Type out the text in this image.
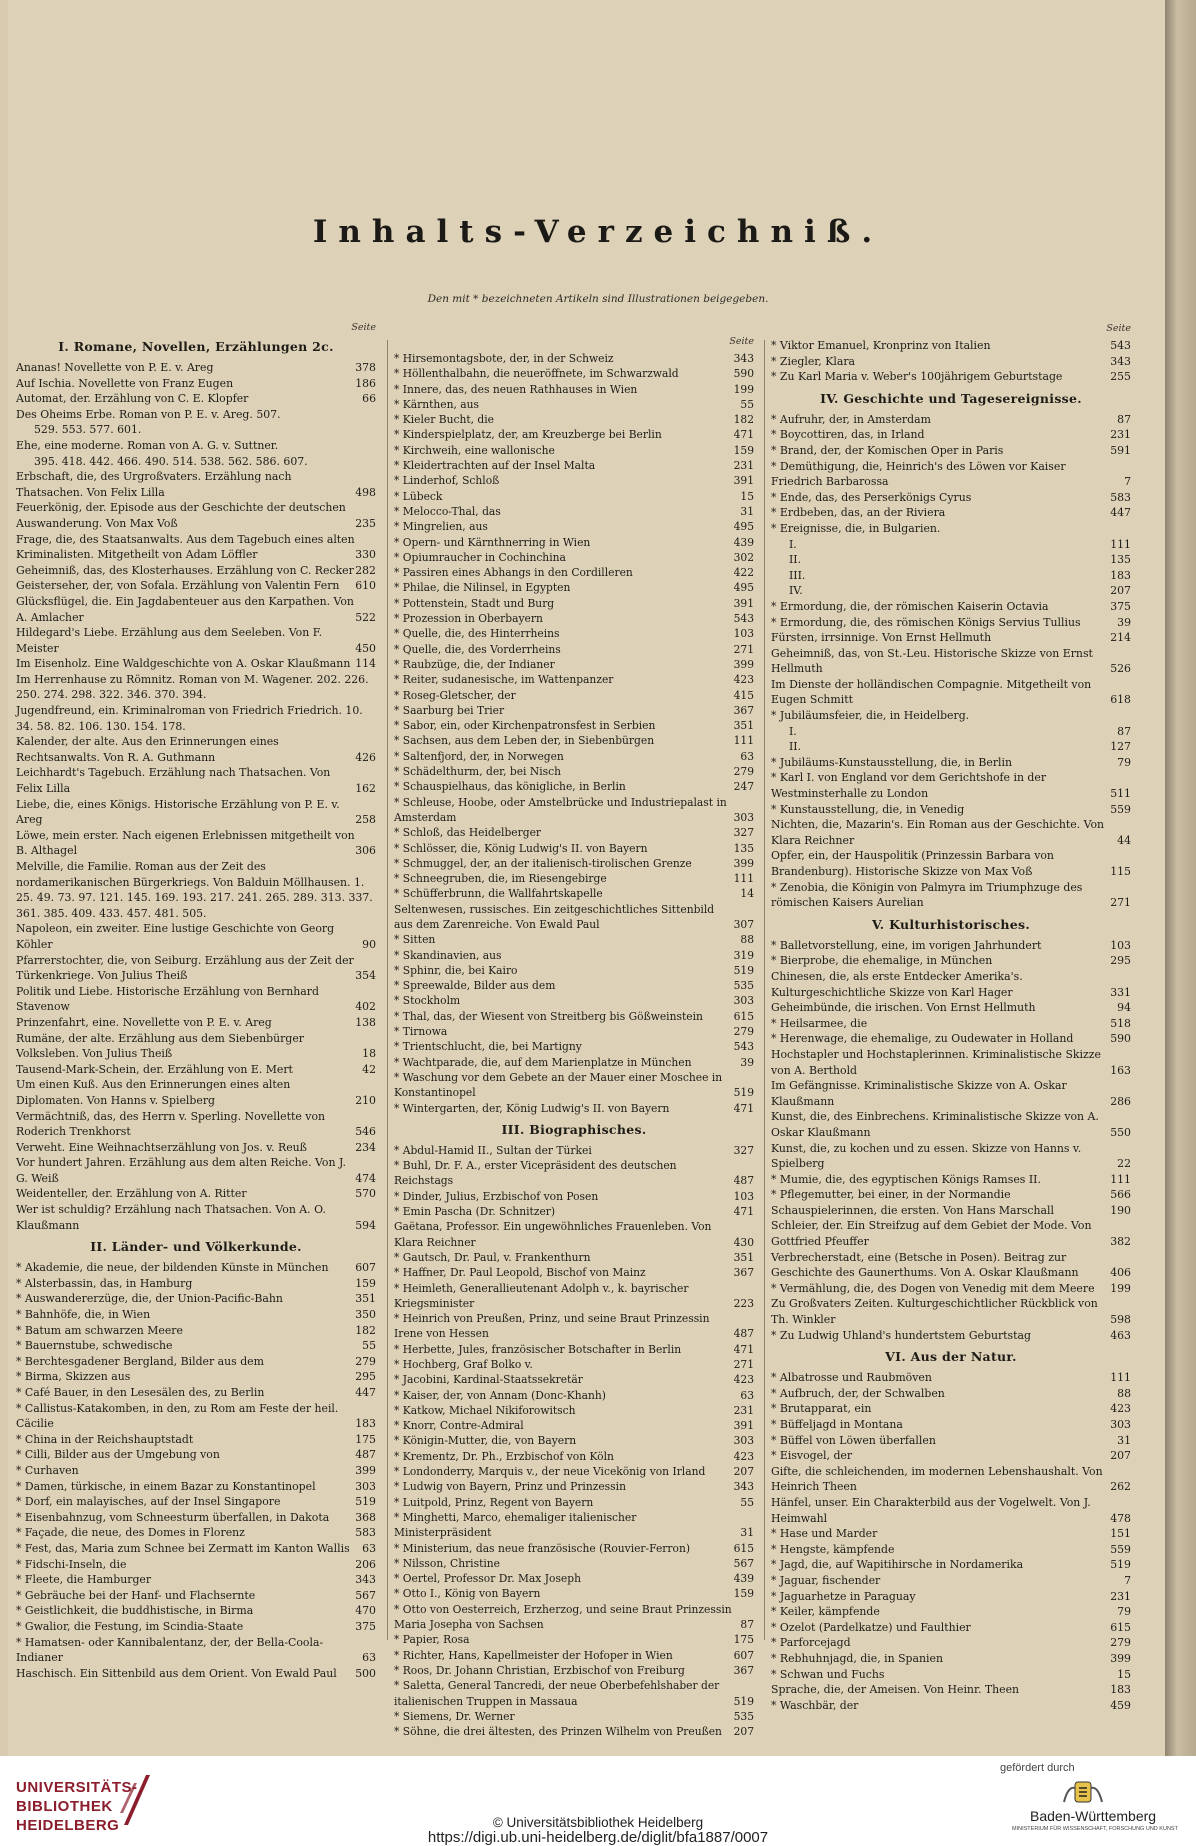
Inhalts-Verzeichniß.
Den mit * bezeichneten Artikeln sind Illustrationen beigegeben.
Seite
I. Romane, Novellen, Erzählungen 2c.
Ananas! Novellette von P. E. v. Areg	378
Auf Ischia. Novellette von Franz Eugen	186
Automat, der. Erzählung von C. E. Klopfer	66
Des Oheims Erbe. Roman von P. E. v. Areg. 507.
529. 553. 577. 601.
Ehe, eine moderne. Roman von A. G. v. Suttner.
395. 418. 442. 466. 490. 514. 538. 562. 586. 607.
Erbschaft, die, des Urgroßvaters. Erzählung nach Thatsachen. Von Felix Lilla	498
Feuerkönig, der. Episode aus der Geschichte der deutschen Auswanderung. Von Max Voß	235
Frage, die, des Staatsanwalts. Aus dem Tagebuch eines alten Kriminalisten. Mitgetheilt von Adam Löffler	330
Geheimniß, das, des Klosterhauses. Erzählung von C. Recker 282
Geisterseher, der, von Sofala. Erzählung von Valentin Fern	610
Glücksflügel, die. Ein Jagdabenteuer aus den Karpathen. Von A. Amlacher	522
Hildegard's Liebe. Erzählung aus dem Seeleben. Von F. Meister	450
Im Eisenholz. Eine Waldgeschichte von A. Oskar Klaußmann 114
Im Herrenhause zu Römnitz. Roman von M. Wagener. 202. 226. 250. 274. 298. 322. 346. 370. 394.
Jugendfreund, ein. Kriminalroman von Friedrich Friedrich. 10. 34. 58. 82. 106. 130. 154. 178.
Kalender, der alte. Aus den Erinnerungen eines Rechtsanwalts. Von R. A. Guthmann	426
Leichhardt's Tagebuch. Erzählung nach Thatsachen. Von Felix Lilla	162
Liebe, die, eines Königs. Historische Erzählung von P. E. v. Areg	258
Löwe, mein erster. Nach eigenen Erlebnissen mitgetheilt von B. Althagel	306
Melville, die Familie. Roman aus der Zeit des nordamerikanischen Bürgerkriegs. Von Balduin Möllhausen. 1. 25. 49. 73. 97. 121. 145. 169. 193. 217. 241. 265. 289. 313. 337. 361. 385. 409. 433. 457. 481. 505.
Napoleon, ein zweiter. Eine lustige Geschichte von Georg Köhler	90
Pfarrerstochter, die, von Seiburg. Erzählung aus der Zeit der Türkenkriege. Von Julius Theiß	354
Politik und Liebe. Historische Erzählung von Bernhard Stavenow	402
Prinzenfahrt, eine. Novellette von P. E. v. Areg	138
Rumäne, der alte. Erzählung aus dem Siebenbürger Volksleben. Von Julius Theiß	18
Tausend-Mark-Schein, der. Erzählung von E. Mert	42
Um einen Kuß. Aus den Erinnerungen eines alten Diplomaten. Von Hanns v. Spielberg	210
Vermächtniß, das, des Herrn v. Sperling. Novellette von Roderich Trenkhorst	546
Verweht. Eine Weihnachtserzählung von Jos. v. Reuß	234
Vor hundert Jahren. Erzählung aus dem alten Reiche. Von J. G. Weiß	474
Weidenteller, der. Erzählung von A. Ritter	570
Wer ist schuldig? Erzählung nach Thatsachen. Von A. O. Klaußmann	594
II. Länder- und Völkerkunde.
* Akademie, die neue, der bildenden Künste in München	607
* Alsterbassin, das, in Hamburg	159
* Auswandererzüge, die, der Union-Pacific-Bahn	351
* Bahnhöfe, die, in Wien	350
* Batum am schwarzen Meere	182
* Bauernstube, schwedische	55
* Berchtesgadener Bergland, Bilder aus dem	279
* Birma, Skizzen aus	295
* Café Bauer, in den Lesesälen des, zu Berlin	447
* Callistus-Katakomben, in den, zu Rom am Feste der heil. Cäcilie	183
* China in der Reichshauptstadt	175
* Cilli, Bilder aus der Umgebung von	487
* Curhaven	399
* Damen, türkische, in einem Bazar zu Konstantinopel	303
* Dorf, ein malayisches, auf der Insel Singapore	519
* Eisenbahnzug, vom Schneesturm überfallen, in Dakota	368
* Façade, die neue, des Domes in Florenz	583
* Fest, das, Maria zum Schnee bei Zermatt im Kanton Wallis	63
* Fidschi-Inseln, die	206
* Fleete, die Hamburger	343
* Gebräuche bei der Hanf- und Flachsernte	567
* Geistlichkeit, die buddhistische, in Birma	470
* Gwalior, die Festung, im Scindia-Staate	375
* Hamatsen- oder Kannibalentanz, der, der Bella-Coola-Indianer	63
Haschisch. Ein Sittenbild aus dem Orient. Von Ewald Paul	500
Seite
* Hirsemontagsbote, der, in der Schweiz	343
* Höllenthalbahn, die neueröffnete, im Schwarzwald	590
* Innere, das, des neuen Rathhauses in Wien	199
* Kärnthen, aus	55
* Kieler Bucht, die	182
* Kinderspielplatz, der, am Kreuzberge bei Berlin	471
* Kirchweih, eine wallonische	159
* Kleidertrachten auf der Insel Malta	231
* Linderhof, Schloß	391
* Lübeck	15
* Melocco-Thal, das	31
* Mingrelien, aus	495
* Opern- und Kärnthnerring in Wien	439
* Opiumraucher in Cochinchina	302
* Passiren eines Abhangs in den Cordilleren	422
* Philae, die Nilinsel, in Egypten	495
* Pottenstein, Stadt und Burg	391
* Prozession in Oberbayern	543
* Quelle, die, des Hinterrheins	103
* Quelle, die, des Vorderrheins	271
* Raubzüge, die, der Indianer	399
* Reiter, sudanesische, im Wattenpanzer	423
* Roseg-Gletscher, der	415
* Saarburg bei Trier	367
* Sabor, ein, oder Kirchenpatronsfest in Serbien	351
* Sachsen, aus dem Leben der, in Siebenbürgen	111
* Saltenfjord, der, in Norwegen	63
* Schädelthurm, der, bei Nisch	279
* Schauspielhaus, das königliche, in Berlin	247
* Schleuse, Hoobe, oder Amstelbrücke und Industriepalast in Amsterdam	303
* Schloß, das Heidelberger	327
* Schlösser, die, König Ludwig's II. von Bayern	135
* Schmuggel, der, an der italienisch-tirolischen Grenze	399
* Schneegruben, die, im Riesengebirge	111
* Schüfferbrunn, die Wallfahrtskapelle	14
Seltenwesen, russisches. Ein zeitgeschichtliches Sittenbild aus dem Zarenreiche. Von Ewald Paul	307
* Sitten	88
* Skandinavien, aus	319
* Sphinr, die, bei Kairo	519
* Spreewalde, Bilder aus dem	535
* Stockholm	303
* Thal, das, der Wiesent von Streitberg bis Gößweinstein	615
* Tirnowa	279
* Trientschlucht, die, bei Martigny	543
* Wachtparade, die, auf dem Marienplatze in München	39
* Waschung vor dem Gebete an der Mauer einer Moschee in Konstantinopel	519
* Wintergarten, der, König Ludwig's II. von Bayern	471
III. Biographisches.
* Abdul-Hamid II., Sultan der Türkei	327
* Buhl, Dr. F. A., erster Vicepräsident des deutschen Reichstags	487
* Dinder, Julius, Erzbischof von Posen	103
* Emin Pascha (Dr. Schnitzer)	471
Gaëtana, Professor. Ein ungewöhnliches Frauenleben. Von Klara Reichner	430
* Gautsch, Dr. Paul, v. Frankenthurn	351
* Haffner, Dr. Paul Leopold, Bischof von Mainz	367
* Heimleth, Generallieutenant Adolph v., k. bayrischer Kriegsminister	223
* Heinrich von Preußen, Prinz, und seine Braut Prinzessin Irene von Hessen	487
* Herbette, Jules, französischer Botschafter in Berlin	471
* Hochberg, Graf Bolko v.	271
* Jacobini, Kardinal-Staatssekretär	423
* Kaiser, der, von Annam (Donc-Khanh)	63
* Katkow, Michael Nikiforowitsch	231
* Knorr, Contre-Admiral	391
* Königin-Mutter, die, von Bayern	303
* Krementz, Dr. Ph., Erzbischof von Köln	423
* Londonderry, Marquis v., der neue Vicekönig von Irland	207
* Ludwig von Bayern, Prinz und Prinzessin	343
* Luitpold, Prinz, Regent von Bayern	55
* Minghetti, Marco, ehemaliger italienischer Ministerpräsident	31
* Ministerium, das neue französische (Rouvier-Ferron)	615
* Nilsson, Christine	567
* Oertel, Professor Dr. Max Joseph	439
* Otto I., König von Bayern	159
* Otto von Oesterreich, Erzherzog, und seine Braut Prinzessin Maria Josepha von Sachsen	87
* Papier, Rosa	175
* Richter, Hans, Kapellmeister der Hofoper in Wien	607
* Roos, Dr. Johann Christian, Erzbischof von Freiburg	367
* Saletta, General Tancredi, der neue Oberbefehlshaber der italienischen Truppen in Massaua	519
* Siemens, Dr. Werner	535
* Söhne, die drei ältesten, des Prinzen Wilhelm von Preußen	207
Seite
* Viktor Emanuel, Kronprinz von Italien	543
* Ziegler, Klara	343
* Zu Karl Maria v. Weber's 100jährigem Geburtstage	255
IV. Geschichte und Tagesereignisse.
* Aufruhr, der, in Amsterdam	87
* Boycottiren, das, in Irland	231
* Brand, der, der Komischen Oper in Paris	591
* Demüthigung, die, Heinrich's des Löwen vor Kaiser Friedrich Barbarossa	7
* Ende, das, des Perserkönigs Cyrus	583
* Erdbeben, das, an der Riviera	447
* Ereignisse, die, in Bulgarien.
I.	111
II.	135
III.	183
IV.	207
* Ermordung, die, der römischen Kaiserin Octavia	375
* Ermordung, die, des römischen Königs Servius Tullius	39
Fürsten, irrsinnige. Von Ernst Hellmuth	214
Geheimniß, das, von St.-Leu. Historische Skizze von Ernst Hellmuth	526
Im Dienste der holländischen Compagnie. Mitgetheilt von Eugen Schmitt	618
* Jubiläumsfeier, die, in Heidelberg.
I.	87
II.	127
* Jubiläums-Kunstausstellung, die, in Berlin	79
* Karl I. von England vor dem Gerichtshofe in der Westminsterhalle zu London	511
* Kunstausstellung, die, in Venedig	559
Nichten, die, Mazarin's. Ein Roman aus der Geschichte. Von Klara Reichner	44
Opfer, ein, der Hauspolitik (Prinzessin Barbara von Brandenburg). Historische Skizze von Max Voß	115
* Zenobia, die Königin von Palmyra im Triumphzuge des römischen Kaisers Aurelian	271
V. Kulturhistorisches.
* Balletvorstellung, eine, im vorigen Jahrhundert	103
* Bierprobe, die ehemalige, in München	295
Chinesen, die, als erste Entdecker Amerika's. Kulturgeschichtliche Skizze von Karl Hager	331
Geheimbünde, die irischen. Von Ernst Hellmuth	94
* Heilsarmee, die	518
* Herenwage, die ehemalige, zu Oudewater in Holland	590
Hochstapler und Hochstaplerinnen. Kriminalistische Skizze von A. Berthold	163
Im Gefängnisse. Kriminalistische Skizze von A. Oskar Klaußmann	286
Kunst, die, des Einbrechens. Kriminalistische Skizze von A. Oskar Klaußmann	550
Kunst, die, zu kochen und zu essen. Skizze von Hanns v. Spielberg	22
* Mumie, die, des egyptischen Königs Ramses II.	111
* Pflegemutter, bei einer, in der Normandie	566
Schauspielerinnen, die ersten. Von Hans Marschall	190
Schleier, der. Ein Streifzug auf dem Gebiet der Mode. Von Gottfried Pfeuffer	382
Verbrecherstadt, eine (Betsche in Posen). Beitrag zur Geschichte des Gaunerthums. Von A. Oskar Klaußmann	406
* Vermählung, die, des Dogen von Venedig mit dem Meere	199
Zu Großvaters Zeiten. Kulturgeschichtlicher Rückblick von Th. Winkler	598
* Zu Ludwig Uhland's hundertstem Geburtstag	463
VI. Aus der Natur.
* Albatrosse und Raubmöven	111
* Aufbruch, der, der Schwalben	88
* Brutapparat, ein	423
* Büffeljagd in Montana	303
* Büffel von Löwen überfallen	31
* Eisvogel, der	207
Gifte, die schleichenden, im modernen Lebenshaushalt. Von Heinrich Theen	262
Hänfel, unser. Ein Charakterbild aus der Vogelwelt. Von J. Heimwahl	478
* Hase und Marder	151
* Hengste, kämpfende	559
* Jagd, die, auf Wapitihirsche in Nordamerika	519
* Jaguar, fischender	7
* Jaguarhetze in Paraguay	231
* Keiler, kämpfende	79
* Ozelot (Pardelkatze) und Faulthier	615
* Parforcejagd	279
* Rebhuhnjagd, die, in Spanien	399
* Schwan und Fuchs	15
Sprache, die, der Ameisen. Von Heinr. Theen	183
* Waschbär, der	459
UNIVERSITÄTS-
BIBLIOTHEK
HEIDELBERG	© Universitätsbibliothek Heidelberg
https://digi.ub.uni-heidelberg.de/diglit/bfa1887/0007
gefördert durch
Baden-Württemberg
MINISTERIUM FÜR WISSENSCHAFT, FORSCHUNG UND KUNST
